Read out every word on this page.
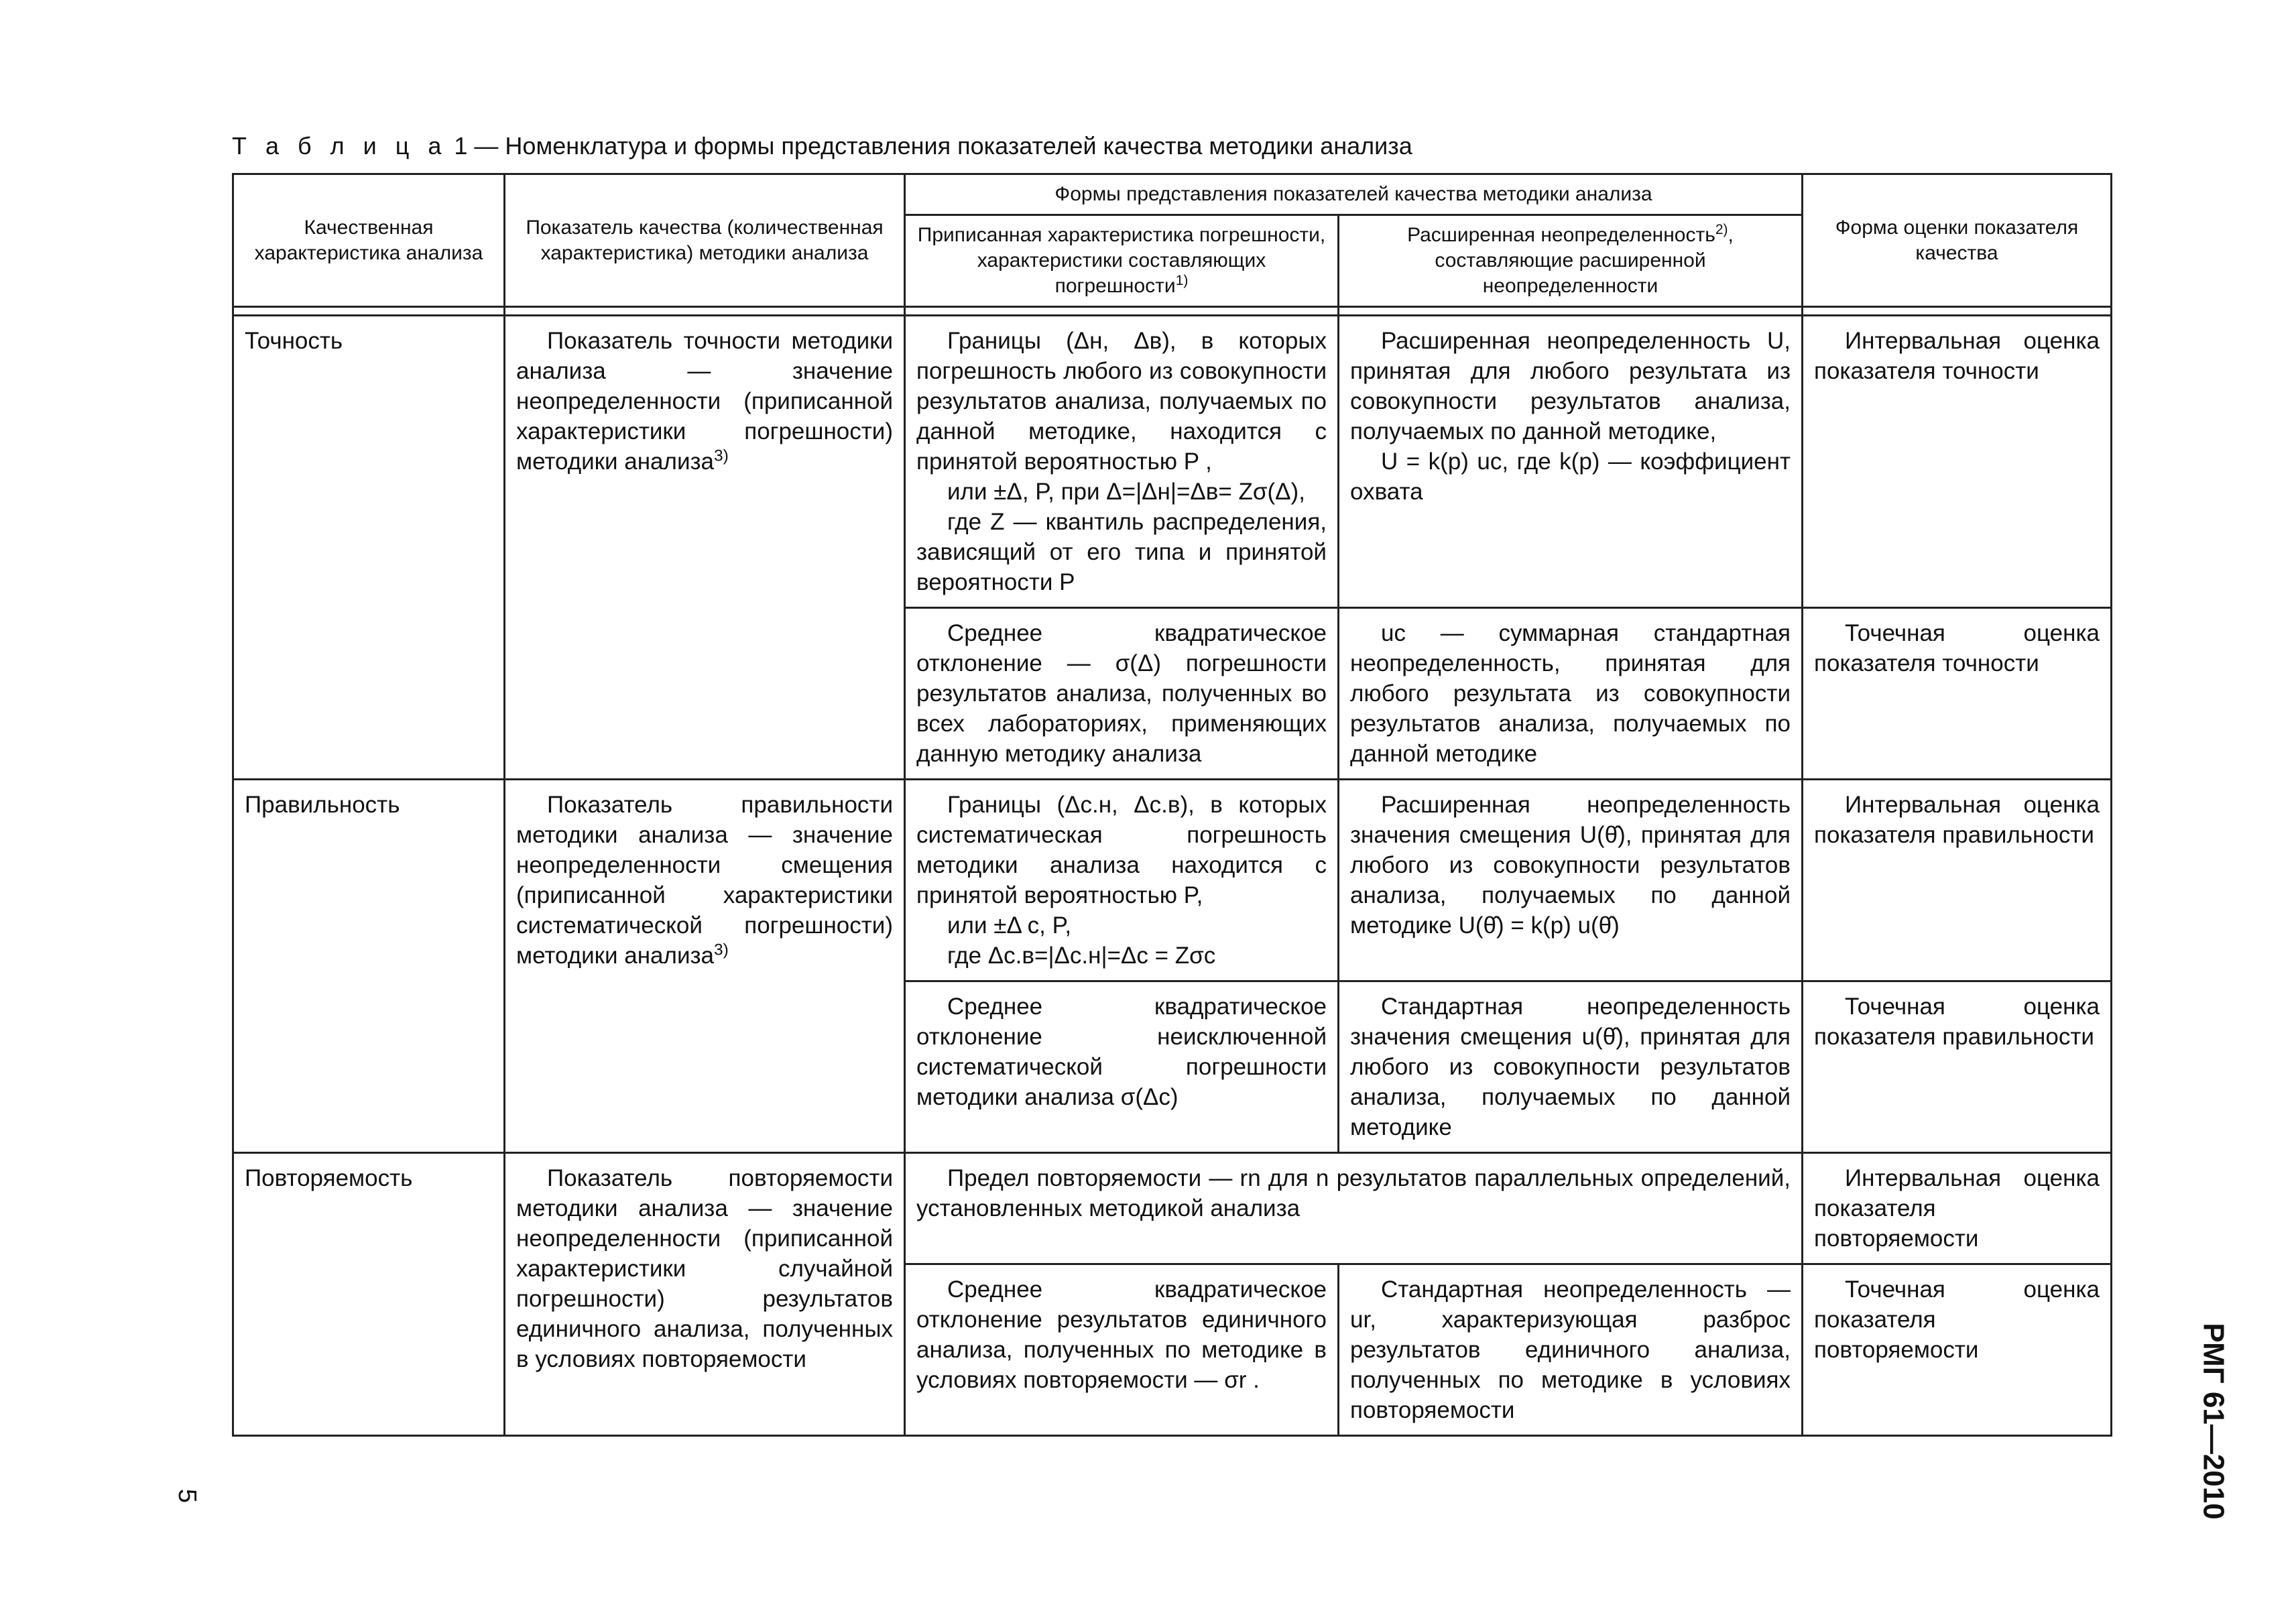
Т а б л и ц а 1 — Номенклатура и формы представления показателей качества методики анализа
Качественная характеристика анализа	Показатель качества (количественная характеристика) методики анализа	Формы представления показателей качества методики анализа		Форма оценки показателя качества
		Приписанная характеристика погрешности, характеристики составляющих погрешности$^{1)}$	Расширенная неопределенность$^{2)}$, составляющие расширенной неопределенности	

Точность	Показатель точности методики анализа — значение неопределенности (приписанной характеристики погрешности) методики анализа$^{3)}$	Границы (Δн, Δв), в которых погрешность любого из совокупности результатов анализа, получаемых по данной методике, находится с принятой вероятностью P ,
или ±Δ, P, при Δ=|Δн|=Δв= Zσ(Δ),
где Z — квантиль распределения, зависящий от его типа и принятой вероятности P	Расширенная неопределенность U, принятая для любого результата из совокупности результатов анализа, получаемых по данной методике,
U = k(p) uc, где k(p) — коэффициент охвата	Интервальная оценка показателя точности

		Среднее квадратическое отклонение — σ(Δ) погрешности результатов анализа, полученных во всех лабораториях, применяющих данную методику анализа	uc — суммарная стандартная неопределенность, принятая для любого результата из совокупности результатов анализа, получаемых по данной методике	Точечная оценка показателя точности

Правильность	Показатель правильности методики анализа — значение неопределенности смещения (приписанной характеристики систематической погрешности) методики анализа$^{3)}$	Границы (Δс.н, Δс.в), в которых систематическая погрешность методики анализа находится с принятой вероятностью P,
или ±Δ с, P,
где Δс.в=|Δс.н|=Δс = Zσс	Расширенная неопределенность значения смещения U(θ̂), принятая для любого из совокупности результатов анализа, получаемых по данной методике U(θ̂) = k(p) u(θ̂)	Интервальная оценка показателя правильности

		Среднее квадратическое отклонение неисключенной систематической погрешности методики анализа σ(Δс)	Стандартная неопределенность значения смещения u(θ̂), принятая для любого из совокупности результатов анализа, получаемых по данной методике	Точечная оценка показателя правильности

Повторяемость	Показатель повторяемости методики анализа — значение неопределенности (приписанной характеристики случайной погрешности) результатов единичного анализа, полученных в условиях повторяемости	Предел повторяемости — rn для n результатов параллельных определений, установленных методикой анализа		Интервальная оценка показателя повторяемости

		Среднее квадратическое отклонение результатов единичного анализа, полученных по методике в условиях повторяемости — σr .	Стандартная неопределенность — ur, характеризующая разброс результатов единичного анализа, полученных по методике в условиях повторяемости	Точечная оценка показателя повторяемости
5	РМГ 61—2010
